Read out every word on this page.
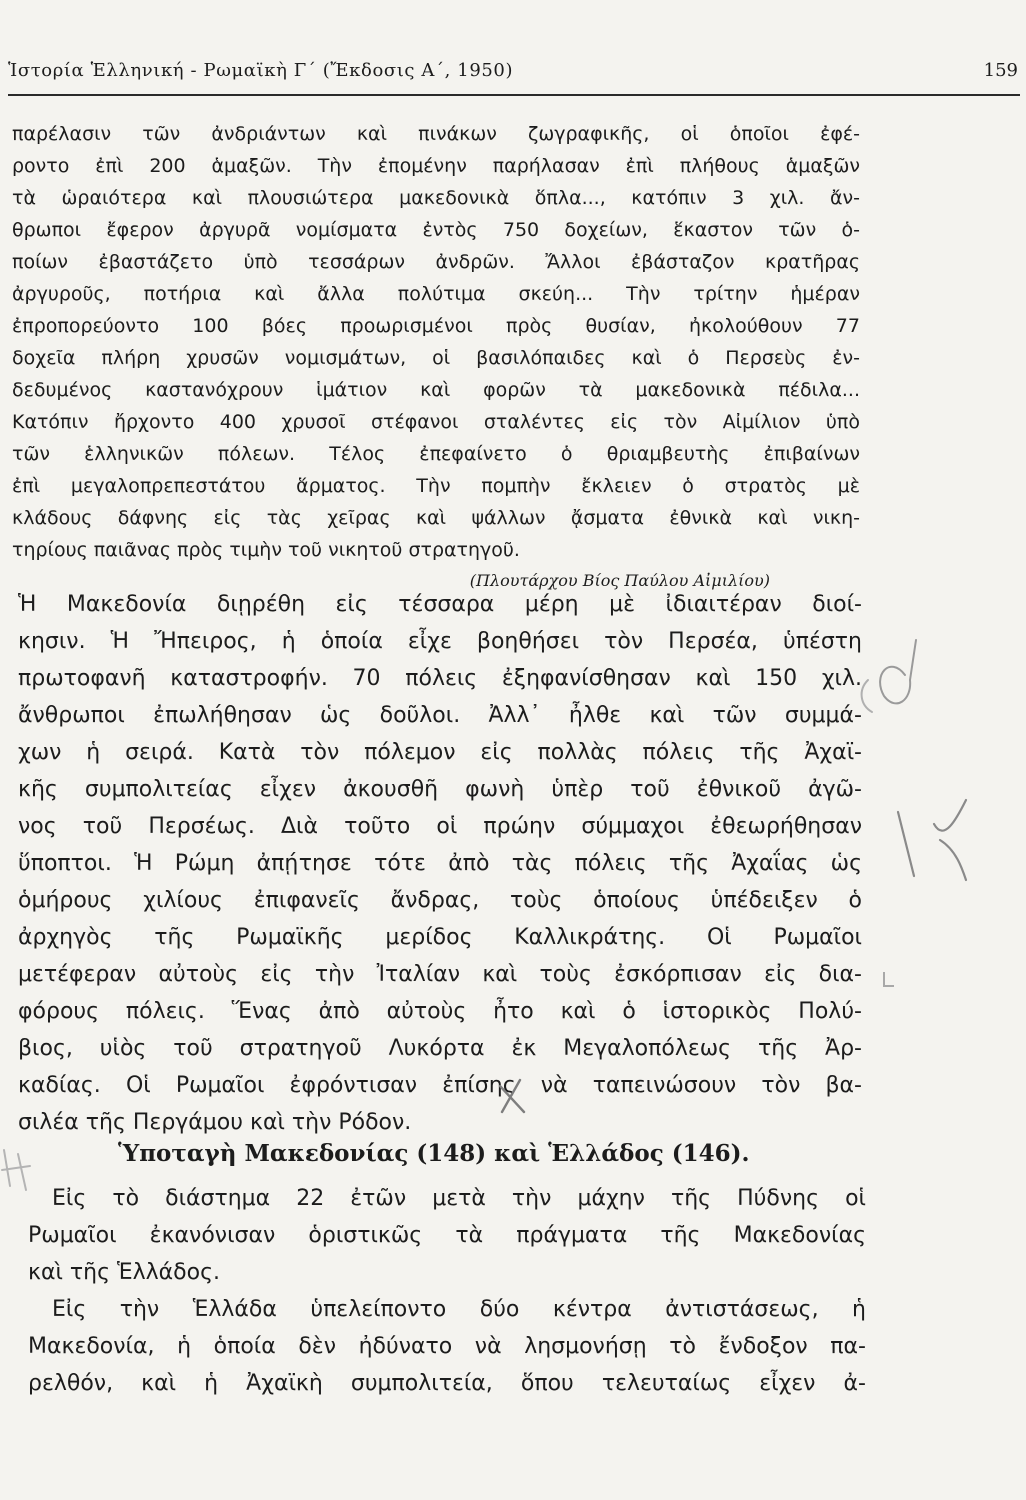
Ἱστορία Ἑλληνική - Ρωμαϊκὴ Γ΄ (Ἔκδοσις Α΄, 1950)	159
παρέλασιν τῶν ἀνδριάντων καὶ πινάκων ζωγραφικῆς, οἱ ὁποῖοι ἐφέ-
ροντο ἐπὶ 200 ἁμαξῶν. Τὴν ἐπομένην παρήλασαν ἐπὶ πλήθους ἁμαξῶν
τὰ ὡραιότερα καὶ πλουσιώτερα μακεδονικὰ ὅπλα..., κατόπιν 3 χιλ. ἄν-
θρωποι ἔφερον ἀργυρᾶ νομίσματα ἐντὸς 750 δοχείων, ἕκαστον τῶν ὁ-
ποίων ἐβαστάζετο ὑπὸ τεσσάρων ἀνδρῶν. Ἄλλοι ἐβάσταζον κρατῆρας
ἀργυροῦς, ποτήρια καὶ ἄλλα πολύτιμα σκεύη... Τὴν τρίτην ἡμέραν
ἐπροπορεύοντο 100 βόες προωρισμένοι πρὸς θυσίαν, ἠκολούθουν 77
δοχεῖα πλήρη χρυσῶν νομισμάτων, οἱ βασιλόπαιδες καὶ ὁ Περσεὺς ἐν-
δεδυμένος καστανόχρουν ἱμάτιον καὶ φορῶν τὰ μακεδονικὰ πέδιλα...
Κατόπιν ἤρχοντο 400 χρυσοῖ στέφανοι σταλέντες εἰς τὸν Αἰμίλιον ὑπὸ
τῶν ἑλληνικῶν πόλεων. Τέλος ἐπεφαίνετο ὁ θριαμβευτὴς ἐπιβαίνων
ἐπὶ μεγαλοπρεπεστάτου ἅρματος. Τὴν πομπὴν ἔκλειεν ὁ στρατὸς μὲ
κλάδους δάφνης εἰς τὰς χεῖρας καὶ ψάλλων ᾄσματα ἐθνικὰ καὶ νικη-
τηρίους παιᾶνας πρὸς τιμὴν τοῦ νικητοῦ στρατηγοῦ.
(Πλουτάρχου Βίος Παύλου Αἰμιλίου)
Ἡ Μακεδονία διῃρέθη εἰς τέσσαρα μέρη μὲ ἰδιαιτέραν διοί-
κησιν. Ἡ Ἤπειρος, ἡ ὁποία εἶχε βοηθήσει τὸν Περσέα, ὑπέστη
πρωτοφανῆ καταστροφήν. 70 πόλεις ἐξηφανίσθησαν καὶ 150 χιλ.
ἄνθρωποι ἐπωλήθησαν ὡς δοῦλοι. Ἀλλ᾽ ἦλθε καὶ τῶν συμμά-
χων ἡ σειρά. Κατὰ τὸν πόλεμον εἰς πολλὰς πόλεις τῆς Ἀχαϊ-
κῆς συμπολιτείας εἶχεν ἀκουσθῆ φωνὴ ὑπὲρ τοῦ ἐθνικοῦ ἀγῶ-
νος τοῦ Περσέως. Διὰ τοῦτο οἱ πρώην σύμμαχοι ἐθεωρήθησαν
ὕποπτοι. Ἡ Ρώμη ἀπῄτησε τότε ἀπὸ τὰς πόλεις τῆς Ἀχαΐας ὡς
ὁμήρους χιλίους ἐπιφανεῖς ἄνδρας, τοὺς ὁποίους ὑπέδειξεν ὁ
ἀρχηγὸς τῆς Ρωμαϊκῆς μερίδος Καλλικράτης. Οἱ Ρωμαῖοι
μετέφεραν αὐτοὺς εἰς τὴν Ἰταλίαν καὶ τοὺς ἐσκόρπισαν εἰς δια-
φόρους πόλεις. Ἕνας ἀπὸ αὐτοὺς ἦτο καὶ ὁ ἱστορικὸς Πολύ-
βιος, υἱὸς τοῦ στρατηγοῦ Λυκόρτα ἐκ Μεγαλοπόλεως τῆς Ἀρ-
καδίας. Οἱ Ρωμαῖοι ἐφρόντισαν ἐπίσης νὰ ταπεινώσουν τὸν βα-
σιλέα τῆς Περγάμου καὶ τὴν Ρόδον.
Ὑποταγὴ Μακεδονίας (148) καὶ Ἑλλάδος (146).
Εἰς τὸ διάστημα 22 ἐτῶν μετὰ τὴν μάχην τῆς Πύδνης οἱ
Ρωμαῖοι ἐκανόνισαν ὁριστικῶς τὰ πράγματα τῆς Μακεδονίας
καὶ τῆς Ἑλλάδος.
Εἰς τὴν Ἑλλάδα ὑπελείποντο δύο κέντρα ἀντιστάσεως, ἡ
Μακεδονία, ἡ ὁποία δὲν ἠδύνατο νὰ λησμονήσῃ τὸ ἔνδοξον πα-
ρελθόν, καὶ ἡ Ἀχαϊκὴ συμπολιτεία, ὅπου τελευταίως εἶχεν ἀ-
